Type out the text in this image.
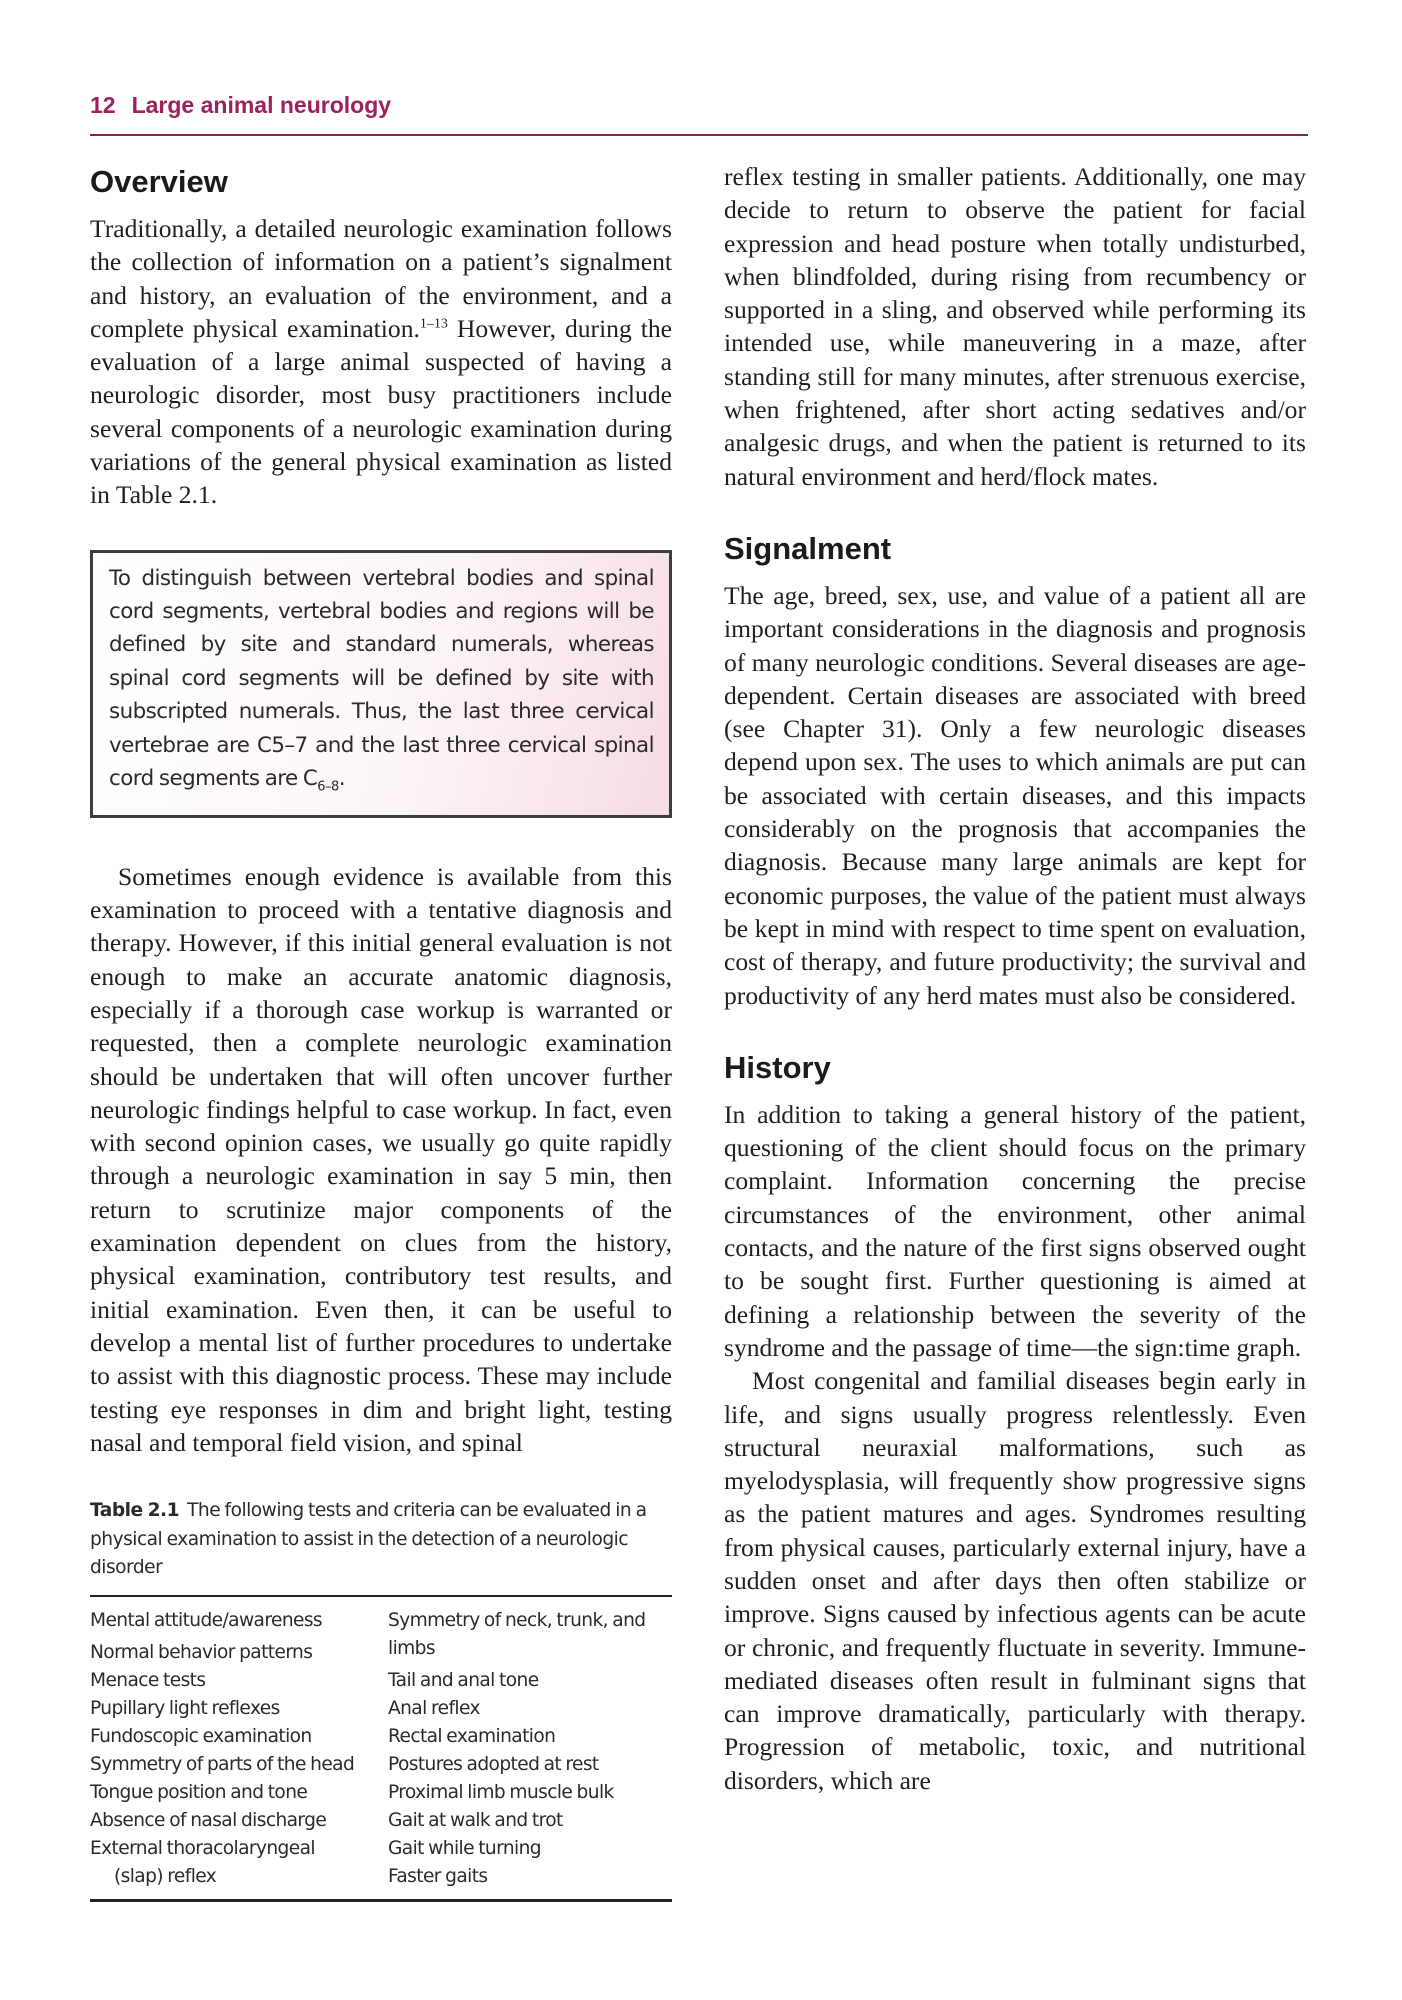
12 Large animal neurology
Overview

Traditionally, a detailed neurologic examination follows the collection of information on a patient’s signalment and history, an evaluation of the environment, and a complete physical examination.$^{1-13}$ However, during the evaluation of a large animal suspected of having a neurologic disorder, most busy practitioners include several components of a neurologic examination during variations of the general physical examination as listed in Table 2.1.

To distinguish between vertebral bodies and spinal cord segments, vertebral bodies and regions will be defined by site and standard numerals, whereas spinal cord segments will be defined by site with subscripted numerals. Thus, the last three cervical vertebrae are C5–7 and the last three cervical spinal cord segments are $C_{6-8}$.

Sometimes enough evidence is available from this examination to proceed with a tentative diagnosis and therapy. However, if this initial general evaluation is not enough to make an accurate anatomic diagnosis, especially if a thorough case workup is warranted or requested, then a complete neurologic examination should be undertaken that will often uncover further neurologic findings helpful to case workup. In fact, even with second opinion cases, we usually go quite rapidly through a neurologic examination in say 5 min, then return to scrutinize major components of the examination dependent on clues from the history, physical examination, contributory test results, and initial examination. Even then, it can be useful to develop a mental list of further procedures to undertake to assist with this diagnostic process. These may include testing eye responses in dim and bright light, testing nasal and temporal field vision, and spinal

Table 2.1 The following tests and criteria can be evaluated in a physical examination to assist in the detection of a neurologic disorder
Mental attitude/awareness
Normal behavior patterns
Menace tests
Pupillary light reflexes
Fundoscopic examination
Symmetry of parts of the head
Tongue position and tone
Absence of nasal discharge
External thoracolaryngeal
(slap) reflex
Symmetry of neck, trunk, and limbs
Tail and anal tone
Anal reflex
Rectal examination
Postures adopted at rest
Proximal limb muscle bulk
Gait at walk and trot
Gait while turning
Faster gaits

reflex testing in smaller patients. Additionally, one may decide to return to observe the patient for facial expression and head posture when totally undisturbed, when blindfolded, during rising from recumbency or supported in a sling, and observed while performing its intended use, while maneuvering in a maze, after standing still for many minutes, after strenuous exercise, when frightened, after short acting sedatives and/or analgesic drugs, and when the patient is returned to its natural environment and herd/flock mates.

Signalment

The age, breed, sex, use, and value of a patient all are important considerations in the diagnosis and prognosis of many neurologic conditions. Several diseases are age-dependent. Certain diseases are associated with breed (see Chapter 31). Only a few neurologic diseases depend upon sex. The uses to which animals are put can be associated with certain diseases, and this impacts considerably on the prognosis that accompanies the diagnosis. Because many large animals are kept for economic purposes, the value of the patient must always be kept in mind with respect to time spent on evaluation, cost of therapy, and future productivity; the survival and productivity of any herd mates must also be considered.

History

In addition to taking a general history of the patient, questioning of the client should focus on the primary complaint. Information concerning the precise circumstances of the environment, other animal contacts, and the nature of the first signs observed ought to be sought first. Further questioning is aimed at defining a relationship between the severity of the syndrome and the passage of time—the sign:time graph.

Most congenital and familial diseases begin early in life, and signs usually progress relentlessly. Even structural neuraxial malformations, such as myelodysplasia, will frequently show progressive signs as the patient matures and ages. Syndromes resulting from physical causes, particularly external injury, have a sudden onset and after days then often stabilize or improve. Signs caused by infectious agents can be acute or chronic, and frequently fluctuate in severity. Immune-mediated diseases often result in fulminant signs that can improve dramatically, particularly with therapy. Progression of metabolic, toxic, and nutritional disorders, which are
